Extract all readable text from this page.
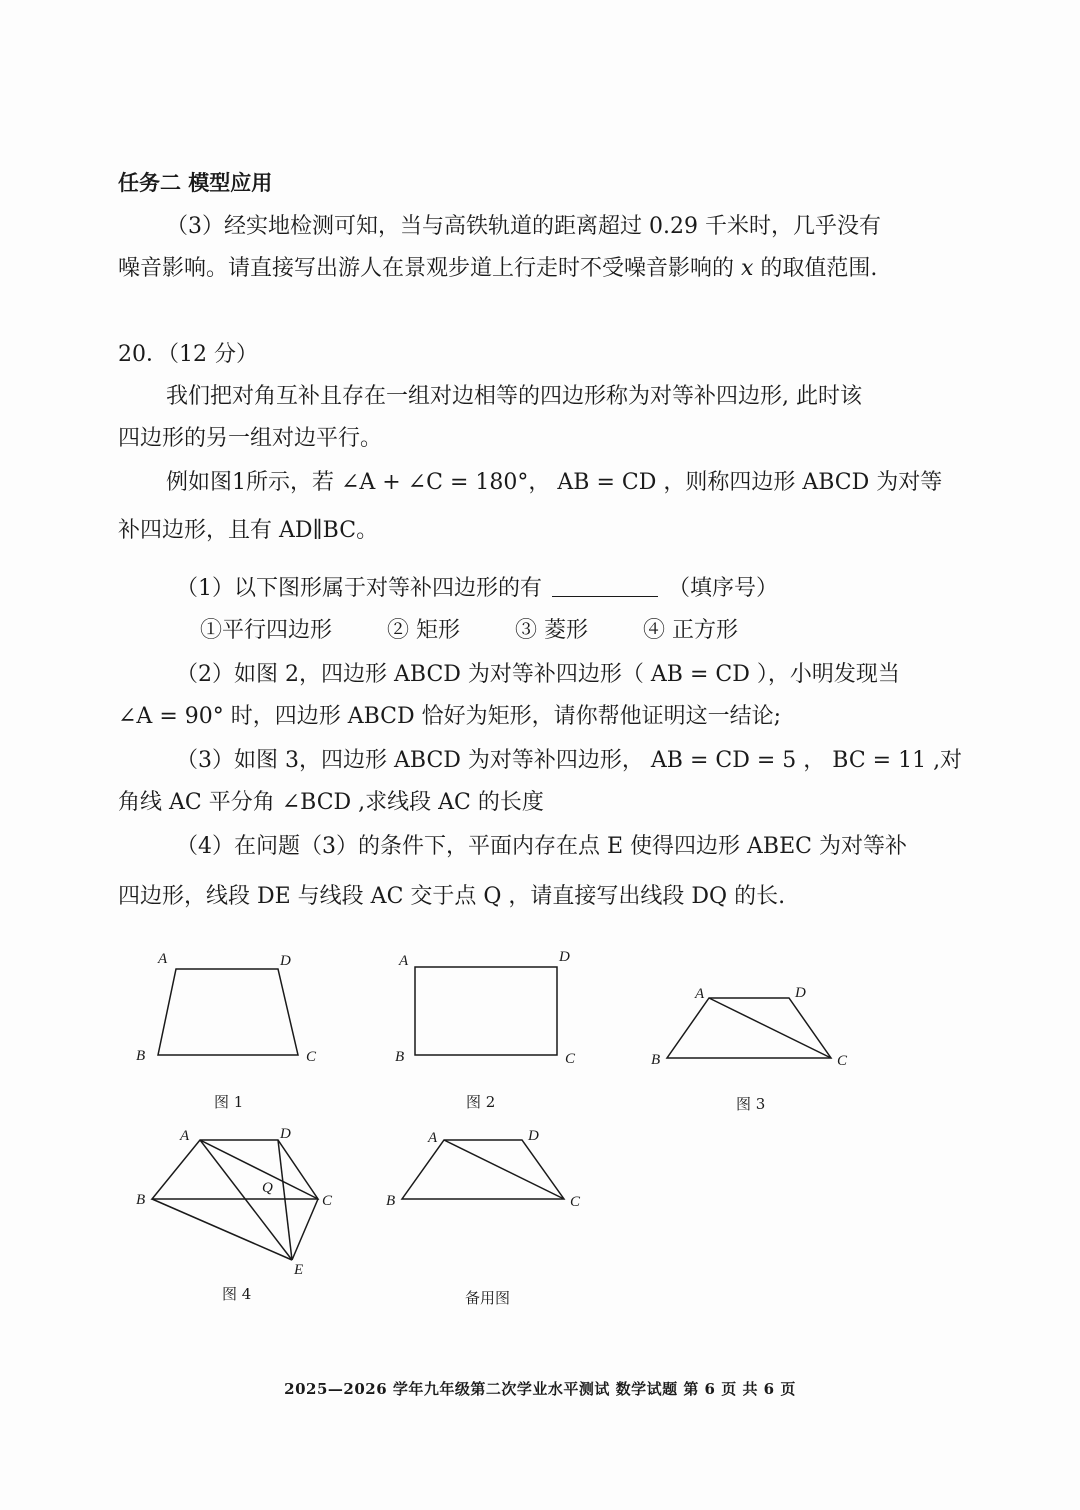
任务二 模型应用
（3）经实地检测可知，当与高铁轨道的距离超过 0.29 千米时，几乎没有
噪音影响。请直接写出游人在景观步道上行走时不受噪音影响的 x 的取值范围.
20．（12 分）
我们把对角互补且存在一组对边相等的四边形称为对等补四边形, 此时该
四边形的另一组对边平行。
例如图1所示，若 ∠A + ∠C = 180°， AB = CD ，则称四边形 ABCD 为对等
补四边形，且有 AD∥BC。
（1）以下图形属于对等补四边形的有	（填序号）
①平行四边形	② 矩形	③ 菱形	④ 正方形
（2）如图 2，四边形 ABCD 为对等补四边形（ AB = CD ），小明发现当
∠A = 90° 时，四边形 ABCD 恰好为矩形，请你帮他证明这一结论;
（3）如图 3，四边形 ABCD 为对等补四边形， AB = CD = 5 ， BC = 11 ,对
角线 AC 平分角 ∠BCD ,求线段 AC 的长度
（4）在问题（3）的条件下，平面内存在点 E 使得四边形 ABEC 为对等补
四边形，线段 DE 与线段 AC 交于点 Q ，请直接写出线段 DQ 的长.
A	D
B	C
图 1
A	D
B	C
图 2
A	D
B	C
图 3
A	D
B	C
Q
E
图 4
A	D
B	C
备用图
2025—2026 学年九年级第二次学业水平测试 数学试题 第 6 页 共 6 页
